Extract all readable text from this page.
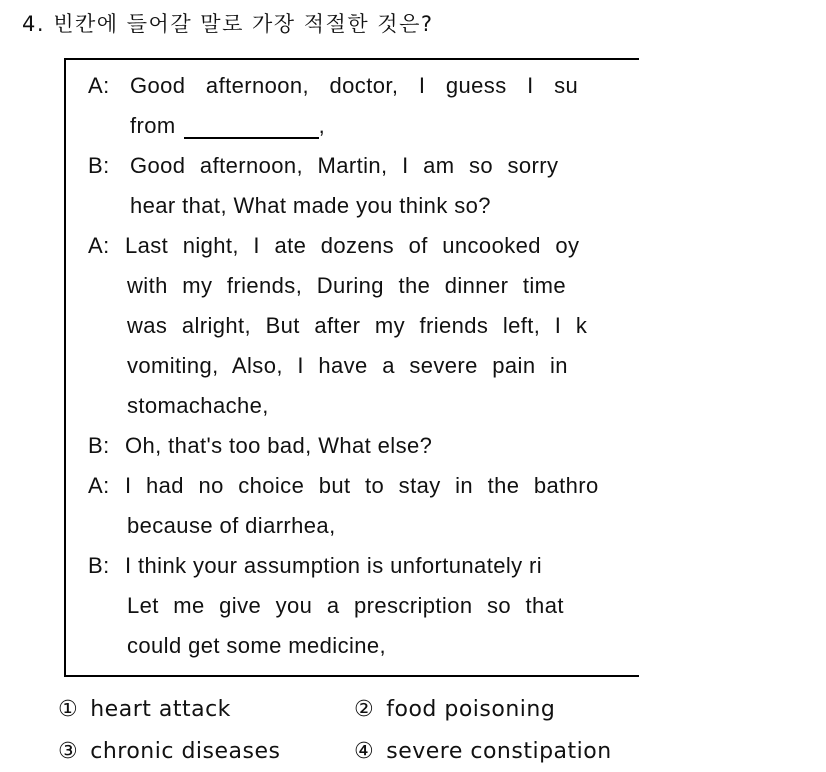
4. 빈칸에 들어갈 말로 가장 적절한 것은?
A: Good afternoon, doctor, I guess I su
from	,
B: Good afternoon, Martin, I am so sorry
hear that, What made you think so?
A: Last night, I ate dozens of uncooked oy
with my friends, During the dinner time
was alright, But after my friends left, I k
vomiting, Also, I have a severe pain in
stomachache,
B: Oh, that's too bad, What else?
A: I had no choice but to stay in the bathro
because of diarrhea,
B: I think your assumption is unfortunately ri
Let me give you a prescription so that
could get some medicine,
① heart attack	② food poisoning
③ chronic diseases	④ severe constipation
